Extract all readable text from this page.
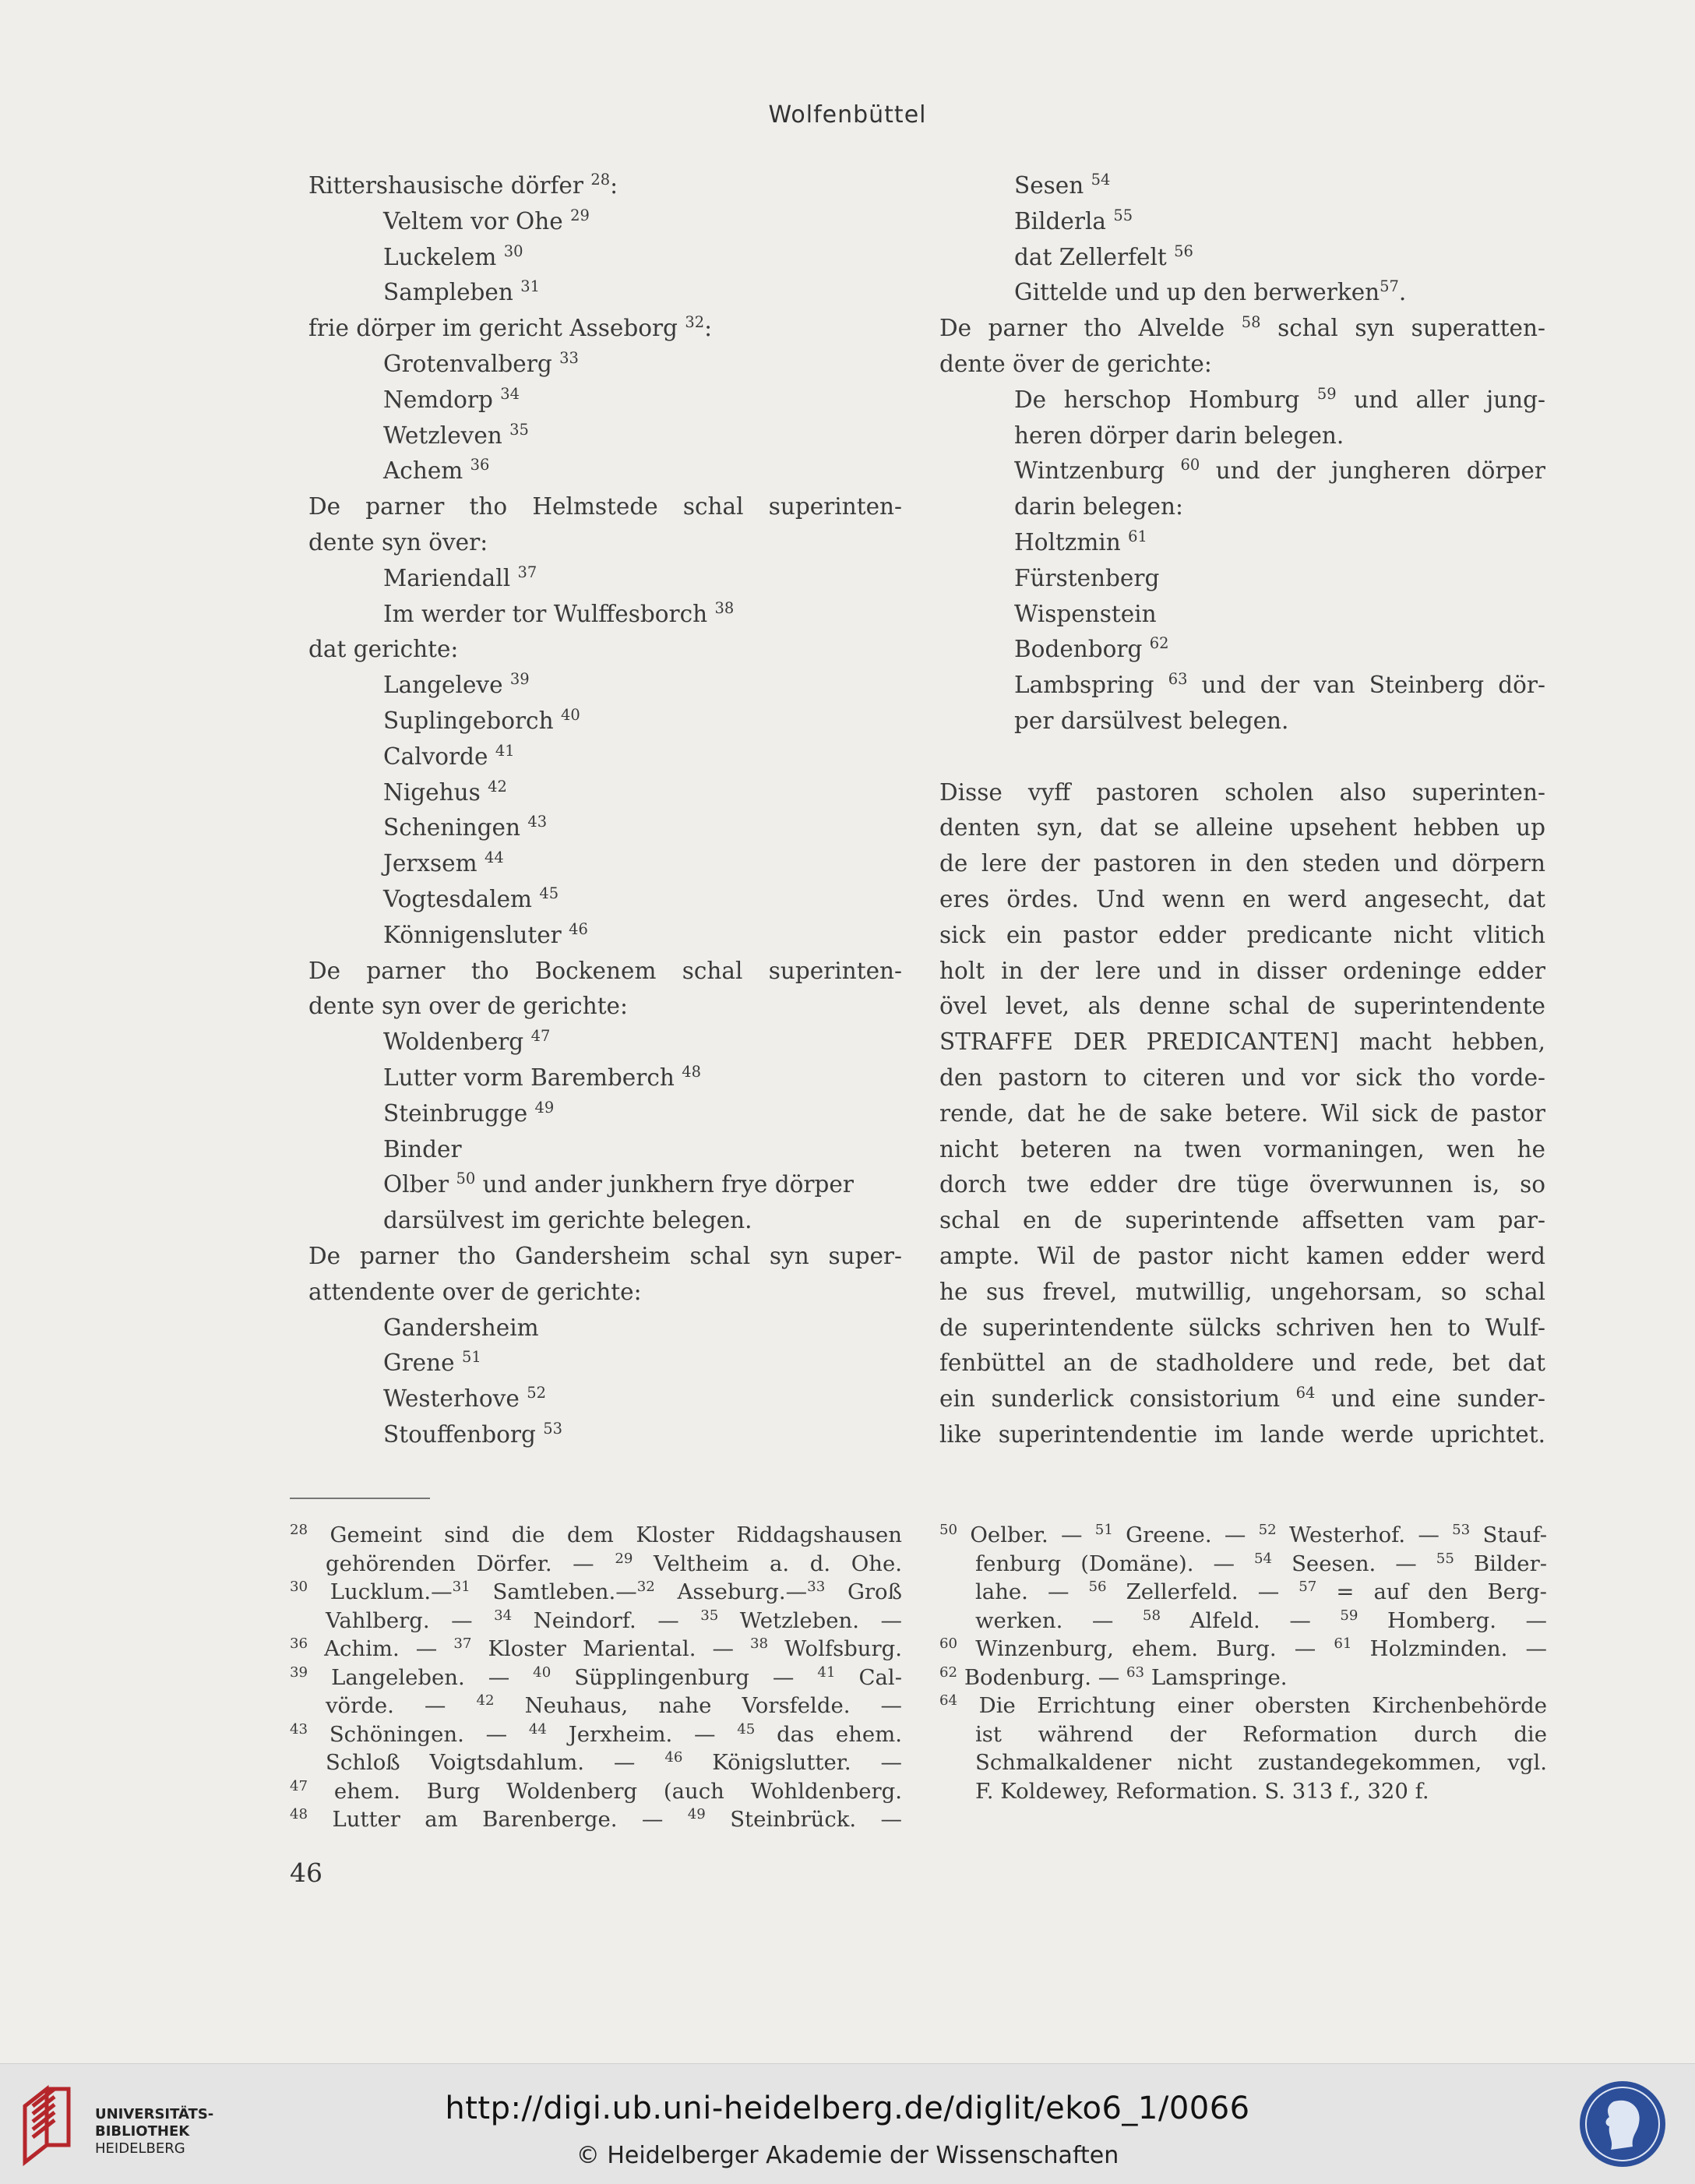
Wolfenbüttel
Rittershausische dörfer $^{28}$:
Veltem vor Ohe $^{29}$
Luckelem $^{30}$
Sampleben $^{31}$
frie dörper im gericht Asseborg $^{32}$:
Grotenvalberg $^{33}$
Nemdorp $^{34}$
Wetzleven $^{35}$
Achem $^{36}$
De parner tho Helmstede schal superinten-
dente syn över:
Mariendall $^{37}$
Im werder tor Wulffesborch $^{38}$
dat gerichte:
Langeleve $^{39}$
Suplingeborch $^{40}$
Calvorde $^{41}$
Nigehus $^{42}$
Scheningen $^{43}$
Jerxsem $^{44}$
Vogtesdalem $^{45}$
Könnigensluter $^{46}$
De parner tho Bockenem schal superinten-
dente syn over de gerichte:
Woldenberg $^{47}$
Lutter vorm Baremberch $^{48}$
Steinbrugge $^{49}$
Binder
Olber $^{50}$ und ander junkhern frye dörper
darsülvest im gerichte belegen.
De parner tho Gandersheim schal syn super-
attendente over de gerichte:
Gandersheim
Grene $^{51}$
Westerhove $^{52}$
Stouffenborg $^{53}$
Sesen $^{54}$
Bilderla $^{55}$
dat Zellerfelt $^{56}$
Gittelde und up den berwerken$^{57}$.
De parner tho Alvelde $^{58}$ schal syn superatten-
dente över de gerichte:
De herschop Homburg $^{59}$ und aller jung-
heren dörper darin belegen.
Wintzenburg $^{60}$ und der jungheren dörper
darin belegen:
Holtzmin $^{61}$
Fürstenberg
Wispenstein
Bodenborg $^{62}$
Lambspring $^{63}$ und der van Steinberg dör-
per darsülvest belegen.
Disse vyff pastoren scholen also superinten-
denten syn, dat se alleine upsehent hebben up
de lere der pastoren in den steden und dörpern
eres ördes. Und wenn en werd angesecht, dat
sick ein pastor edder predicante nicht vlitich
holt in der lere und in disser ordeninge edder
övel levet, als denne schal de superintendente
STRAFFE DER PREDICANTEN] macht hebben,
den pastorn to citeren und vor sick tho vorde-
rende, dat he de sake betere. Wil sick de pastor
nicht beteren na twen vormaningen, wen he
dorch twe edder dre tüge överwunnen is, so
schal en de superintende affsetten vam par-
ampte. Wil de pastor nicht kamen edder werd
he sus frevel, mutwillig, ungehorsam, so schal
de superintendente sülcks schriven hen to Wulf-
fenbüttel an de stadholdere und rede, bet dat
ein sunderlick consistorium $^{64}$ und eine sunder-
like superintendentie im lande werde uprichtet.
$^{28}$ Gemeint sind die dem Kloster Riddagshausen
gehörenden Dörfer. — $^{29}$ Veltheim a. d. Ohe.
$^{30}$ Lucklum.—$^{31}$ Samtleben.—$^{32}$ Asseburg.—$^{33}$ Groß
Vahlberg. — $^{34}$ Neindorf. — $^{35}$ Wetzleben. —
$^{36}$ Achim. — $^{37}$ Kloster Mariental. — $^{38}$ Wolfsburg.
$^{39}$ Langeleben. — $^{40}$ Süpplingenburg — $^{41}$ Cal-
vörde. — $^{42}$ Neuhaus, nahe Vorsfelde. —
$^{43}$ Schöningen. — $^{44}$ Jerxheim. — $^{45}$ das ehem.
Schloß Voigtsdahlum. — $^{46}$ Königslutter. —
$^{47}$ ehem. Burg Woldenberg (auch Wohldenberg.
$^{48}$ Lutter am Barenberge. — $^{49}$ Steinbrück. —
$^{50}$ Oelber. — $^{51}$ Greene. — $^{52}$ Westerhof. — $^{53}$ Stauf-
fenburg (Domäne). — $^{54}$ Seesen. — $^{55}$ Bilder-
lahe. — $^{56}$ Zellerfeld. — $^{57}$ = auf den Berg-
werken. — $^{58}$ Alfeld. — $^{59}$ Homberg. —
$^{60}$ Winzenburg, ehem. Burg. — $^{61}$ Holzminden. —
$^{62}$ Bodenburg. — $^{63}$ Lamspringe.
$^{64}$ Die Errichtung einer obersten Kirchenbehörde
ist während der Reformation durch die
Schmalkaldener nicht zustandegekommen, vgl.
F. Koldewey, Reformation. S. 313 f., 320 f.
46
UNIVERSITÄTS-
BIBLIOTHEK
HEIDELBERG
http://digi.ub.uni-heidelberg.de/diglit/eko6_1/0066
© Heidelberger Akademie der Wissenschaften
